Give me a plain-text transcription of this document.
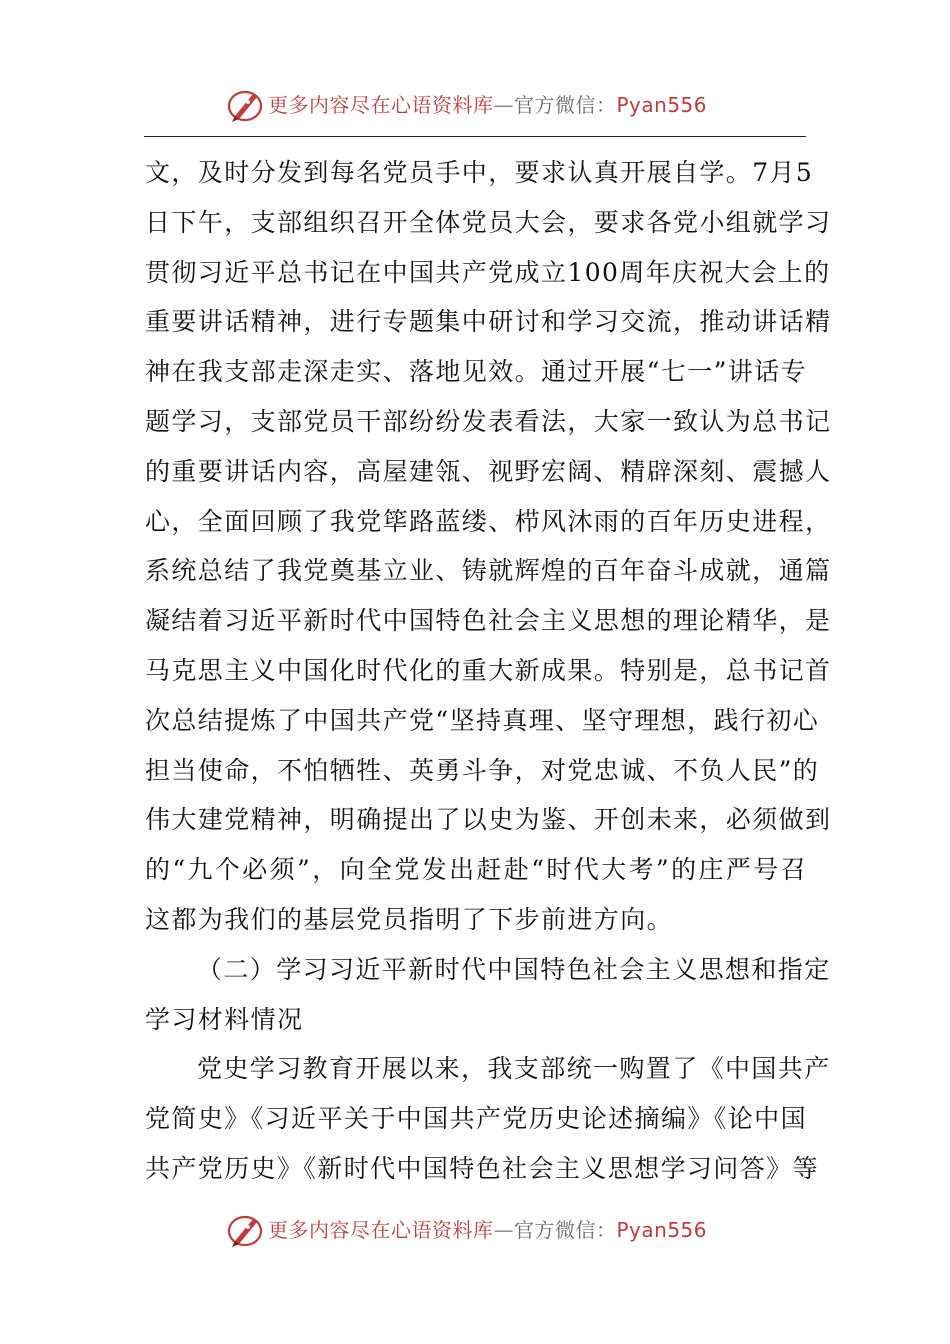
更多内容尽在心语资料库—官方微信：Pyan556
文，及时分发到每名党员手中，要求认真开展自学。7月5
日下午，支部组织召开全体党员大会，要求各党小组就学习
贯彻习近平总书记在中国共产党成立100周年庆祝大会上的
重要讲话精神，进行专题集中研讨和学习交流，推动讲话精
神在我支部走深走实、落地见效。通过开展“七一”讲话专
题学习，支部党员干部纷纷发表看法，大家一致认为总书记
的重要讲话内容，高屋建瓴、视野宏阔、精辟深刻、震撼人
心，全面回顾了我党筚路蓝缕、栉风沐雨的百年历史进程，
系统总结了我党奠基立业、铸就辉煌的百年奋斗成就，通篇
凝结着习近平新时代中国特色社会主义思想的理论精华，是
马克思主义中国化时代化的重大新成果。特别是，总书记首
次总结提炼了中国共产党“坚持真理、坚守理想，践行初心
担当使命，不怕牺牲、英勇斗争，对党忠诚、不负人民”的
伟大建党精神，明确提出了以史为鉴、开创未来，必须做到
的“九个必须”，向全党发出赶赴“时代大考”的庄严号召
这都为我们的基层党员指明了下步前进方向。
（二）学习习近平新时代中国特色社会主义思想和指定
学习材料情况
党史学习教育开展以来，我支部统一购置了《中国共产
党简史》《习近平关于中国共产党历史论述摘编》《论中国
共产党历史》《新时代中国特色社会主义思想学习问答》等
更多内容尽在心语资料库—官方微信：Pyan556
